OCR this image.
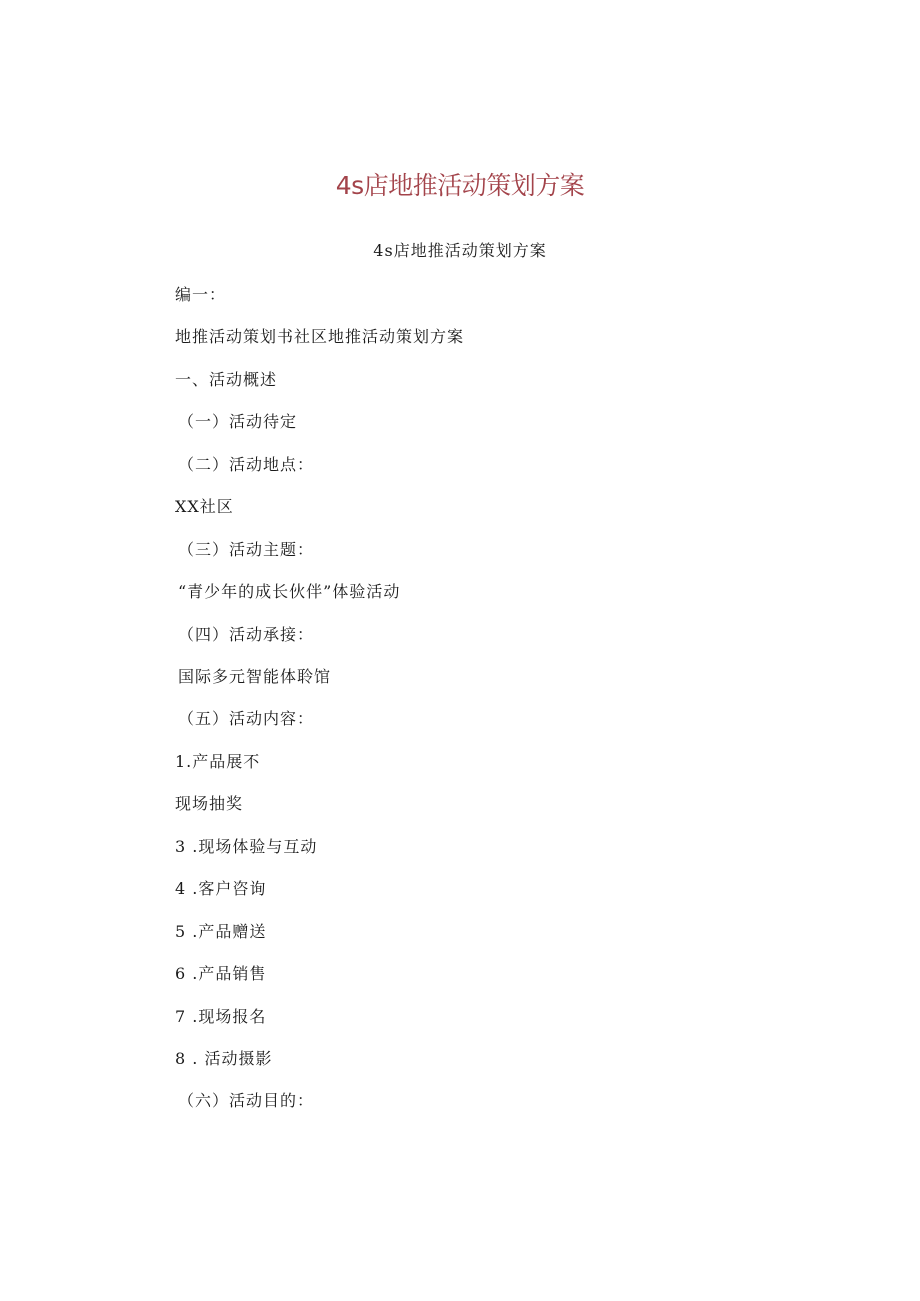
4s店地推活动策划方案

4s店地推活动策划方案

编一：

地推活动策划书社区地推活动策划方案

一、活动概述

（一）活动待定

（二）活动地点：

XX社区

（三）活动主题：

“青少年的成长伙伴”体验活动

（四）活动承接：

国际多元智能体聆馆

（五）活动内容：

1.产品展不

现场抽奖

3 .现场体验与互动

4 .客户咨询

5 .产品赠送

6 .产品销售

7 .现场报名

8 . 活动摄影

（六）活动目的：
